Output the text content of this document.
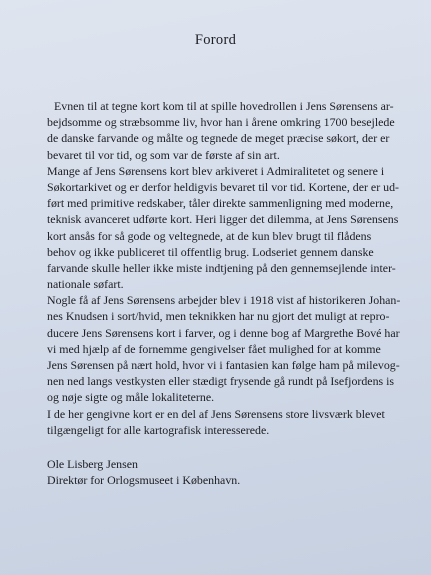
Forord
Evnen til at tegne kort kom til at spille hovedrollen i Jens Sørensens ar-
bejdsomme og stræbsomme liv, hvor han i årene omkring 1700 besejlede
de danske farvande og målte og tegnede de meget præcise søkort, der er
bevaret til vor tid, og som var de første af sin art.
Mange af Jens Sørensens kort blev arkiveret i Admiralitetet og senere i
Søkortarkivet og er derfor heldigvis bevaret til vor tid. Kortene, der er ud-
ført med primitive redskaber, tåler direkte sammenligning med moderne,
teknisk avanceret udførte kort. Heri ligger det dilemma, at Jens Sørensens
kort ansås for så gode og veltegnede, at de kun blev brugt til flådens
behov og ikke publiceret til offentlig brug. Lodseriet gennem danske
farvande skulle heller ikke miste indtjening på den gennemsejlende inter-
nationale søfart.
Nogle få af Jens Sørensens arbejder blev i 1918 vist af historikeren Johan-
nes Knudsen i sort/hvid, men teknikken har nu gjort det muligt at repro-
ducere Jens Sørensens kort i farver, og i denne bog af Margrethe Bové har
vi med hjælp af de fornemme gengivelser fået mulighed for at komme
Jens Sørensen på nært hold, hvor vi i fantasien kan følge ham på milevog-
nen ned langs vestkysten eller stædigt frysende gå rundt på Isefjordens is
og nøje sigte og måle lokaliteterne.
I de her gengivne kort er en del af Jens Sørensens store livsværk blevet
tilgængeligt for alle kartografisk interesserede.
Ole Lisberg Jensen
Direktør for Orlogsmuseet i København.
